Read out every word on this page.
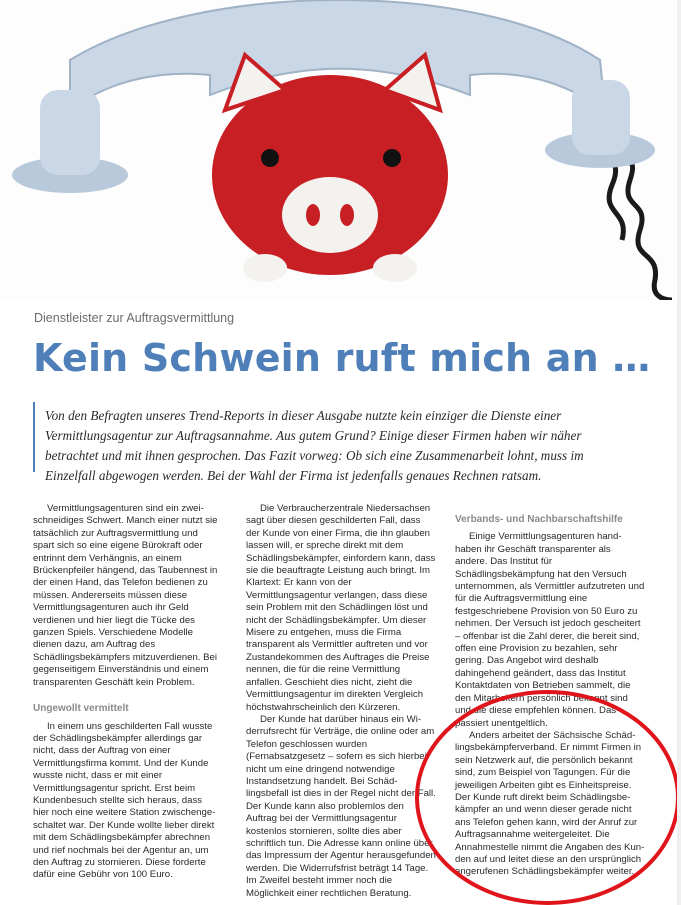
Dienstleister zur Auftragsvermittlung
Kein Schwein ruft mich an …
Von den Befragten unseres Trend-Reports in dieser Ausgabe nutzte kein einziger die Dienste einer Vermittlungsagentur zur Auftragsannahme. Aus gutem Grund? Einige dieser Firmen haben wir näher betrachtet und mit ihnen gesprochen. Das Fazit vorweg: Ob sich eine Zusammenarbeit lohnt, muss im Einzelfall abgewogen werden. Bei der Wahl der Firma ist jedenfalls genaues Rechnen ratsam.

Vermittlungsagenturen sind ein zweischneidiges Schwert. Manch einer nutzt sie tatsächlich zur Auftragsvermittlung und spart sich so eine eigene Bürokraft oder entrinnt dem Verhängnis, an einem Brückenpfeiler hängend, das Taubennest in der einen Hand, das Telefon bedienen zu müssen. Andererseits müssen diese Vermittlungsagenturen auch ihr Geld verdienen und hier liegt die Tücke des ganzen Spiels. Verschiedene Modelle dienen dazu, am Auftrag des Schädlingsbekämpfers mitzuverdienen. Bei gegenseitigem Einverständnis und einem transparenten Geschäft kein Problem.

Ungewollt vermittelt

In einem uns geschilderten Fall wusste der Schädlingsbekämpfer allerdings gar nicht, dass der Auftrag von einer Vermittlungsfirma kommt. Und der Kunde wusste nicht, dass er mit einer Vermittlungsagentur spricht. Erst beim Kundenbesuch stellte sich heraus, dass hier noch eine weitere Station zwischengeschaltet war. Der Kunde wollte lieber direkt mit dem Schädlingsbekämpfer abrechnen und rief nochmals bei der Agentur an, um den Auftrag zu stornieren. Diese forderte dafür eine Gebühr von 100 Euro.

Die Verbraucherzentrale Niedersachsen sagt über diesen geschilderten Fall, dass der Kunde von einer Firma, die ihn glauben lassen will, er spreche direkt mit dem Schädlingsbekämpfer, einfordern kann, dass sie die beauftragte Leistung auch bringt. Im Klartext: Er kann von der Vermittlungsagentur verlangen, dass diese sein Problem mit den Schädlingen löst und nicht der Schädlingsbekämpfer. Um dieser Misere zu entgehen, muss die Firma transparent als Vermittler auftreten und vor Zustandekommen des Auftrages die Preise nennen, die für die reine Vermittlung anfallen. Geschieht dies nicht, zieht die Vermittlungsagentur im direkten Vergleich höchstwahrscheinlich den Kürzeren.

Der Kunde hat darüber hinaus ein Widerrufsrecht für Verträge, die online oder am Telefon geschlossen wurden (Fernabsatzgesetz – sofern es sich hierbei nicht um eine dringend notwendige Instandsetzung handelt. Bei Schädlingsbefall ist dies in der Regel nicht der Fall. Der Kunde kann also problemlos den Auftrag bei der Vermittlungsagentur kostenlos stornieren, sollte dies aber schriftlich tun. Die Adresse kann online über das Impressum der Agentur herausgefunden werden. Die Widerrufsfrist beträgt 14 Tage. Im Zweifel besteht immer noch die Möglichkeit einer rechtlichen Beratung.

Verbands- und Nachbarschaftshilfe

Einige Vermittlungsagenturen handhaben ihr Geschäft transparenter als andere. Das Institut für Schädlingsbekämpfung hat den Versuch unternommen, als Vermittler aufzutreten und für die Auftragsvermittlung eine festgeschriebene Provision von 50 Euro zu nehmen. Der Versuch ist jedoch gescheitert – offenbar ist die Zahl derer, die bereit sind, offen eine Provision zu bezahlen, sehr gering. Das Angebot wird deshalb dahingehend geändert, dass das Institut Kontaktdaten von Betrieben sammelt, die den Mitarbeitern persönlich bekannt sind und die diese empfehlen können. Das passiert unentgeltlich.

Anders arbeitet der Sächsische Schädlingsbekämpferverband. Er nimmt Firmen in sein Netzwerk auf, die persönlich bekannt sind, zum Beispiel von Tagungen. Für die jeweiligen Arbeiten gibt es Einheitspreise. Der Kunde ruft direkt beim Schädlingsbekämpfer an und wenn dieser gerade nicht ans Telefon gehen kann, wird der Anruf zur Auftragsannahme weitergeleitet. Die Annahmestelle nimmt die Angaben des Kunden auf und leitet diese an den ursprünglich angerufenen Schädlingsbekämpfer weiter.
